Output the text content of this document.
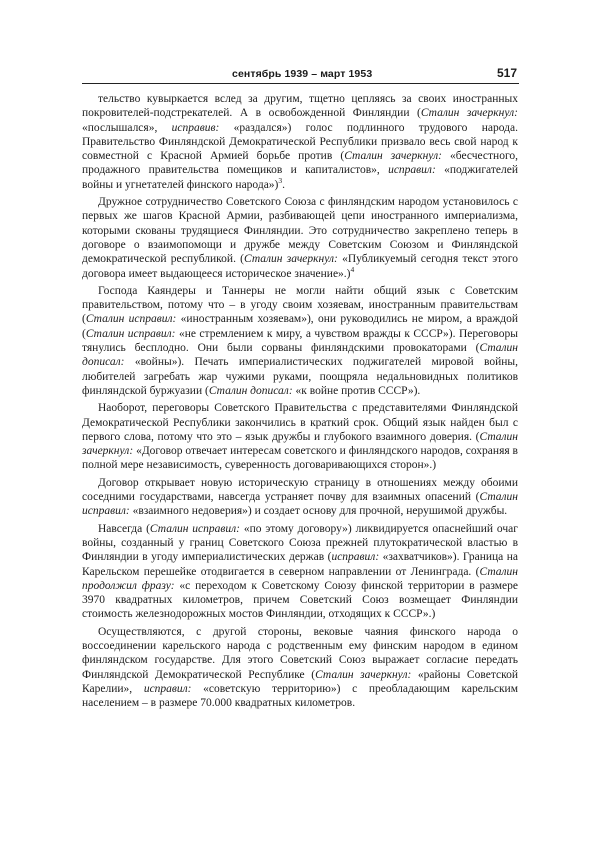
сентябрь 1939 – март 1953	517

тельство кувыркается вслед за другим, тщетно цепляясь за своих иностранных покровителей-подстрекателей. А в освобожденной Финляндии (Сталин зачеркнул: «послышался», исправив: «раздался») голос подлинного трудового народа. Правительство Финляндской Демократической Республики призвало весь свой народ к совместной с Красной Армией борьбе против (Сталин зачеркнул: «бесчестного, продажного правительства помещиков и капиталистов», исправил: «поджигателей войны и угнетателей финского народа»)$^3$.

Дружное сотрудничество Советского Союза с финляндским народом установилось с первых же шагов Красной Армии, разбивающей цепи иностранного империализма, которыми скованы трудящиеся Финляндии. Это сотрудничество закреплено теперь в договоре о взаимопомощи и дружбе между Советским Союзом и Финляндской демократической республикой. (Сталин зачеркнул: «Публикуемый сегодня текст этого договора имеет выдающееся историческое значение».)$^4$

Господа Каяндеры и Таннеры не могли найти общий язык с Советским правительством, потому что – в угоду своим хозяевам, иностранным правительствам (Сталин исправил: «иностранным хозяевам»), они руководились не миром, а враждой (Сталин исправил: «не стремлением к миру, а чувством вражды к СССР»). Переговоры тянулись бесплодно. Они были сорваны финляндскими провокаторами (Сталин дописал: «войны»). Печать империалистических поджигателей мировой войны, любителей загребать жар чужими руками, поощряла недальновидных политиков финляндской буржуазии (Сталин дописал: «к войне против СССР»).

Наоборот, переговоры Советского Правительства с представителями Финляндской Демократической Республики закончились в краткий срок. Общий язык найден был с первого слова, потому что это – язык дружбы и глубокого взаимного доверия. (Сталин зачеркнул: «Договор отвечает интересам советского и финляндского народов, сохраняя в полной мере независимость, суверенность договаривающихся сторон».)

Договор открывает новую историческую страницу в отношениях между обоими соседними государствами, навсегда устраняет почву для взаимных опасений (Сталин исправил: «взаимного недоверия») и создает основу для прочной, нерушимой дружбы.

Навсегда (Сталин исправил: «по этому договору») ликвидируется опаснейший очаг войны, созданный у границ Советского Союза прежней плутократической властью в Финляндии в угоду империалистических держав (исправил: «захватчиков»). Граница на Карельском перешейке отодвигается в северном направлении от Ленинграда. (Сталин продолжил фразу: «с переходом к Советскому Союзу финской территории в размере 3970 квадратных километров, причем Советский Союз возмещает Финляндии стоимость железнодорожных мостов Финляндии, отходящих к СССР».)

Осуществляются, с другой стороны, вековые чаяния финского народа о воссоединении карельского народа с родственным ему финским народом в едином финляндском государстве. Для этого Советский Союз выражает согласие передать Финляндской Демократической Республике (Сталин зачеркнул: «районы Советской Карелии», исправил: «советскую территорию») с преобладающим карельским населением – в размере 70.000 квадратных километров.
